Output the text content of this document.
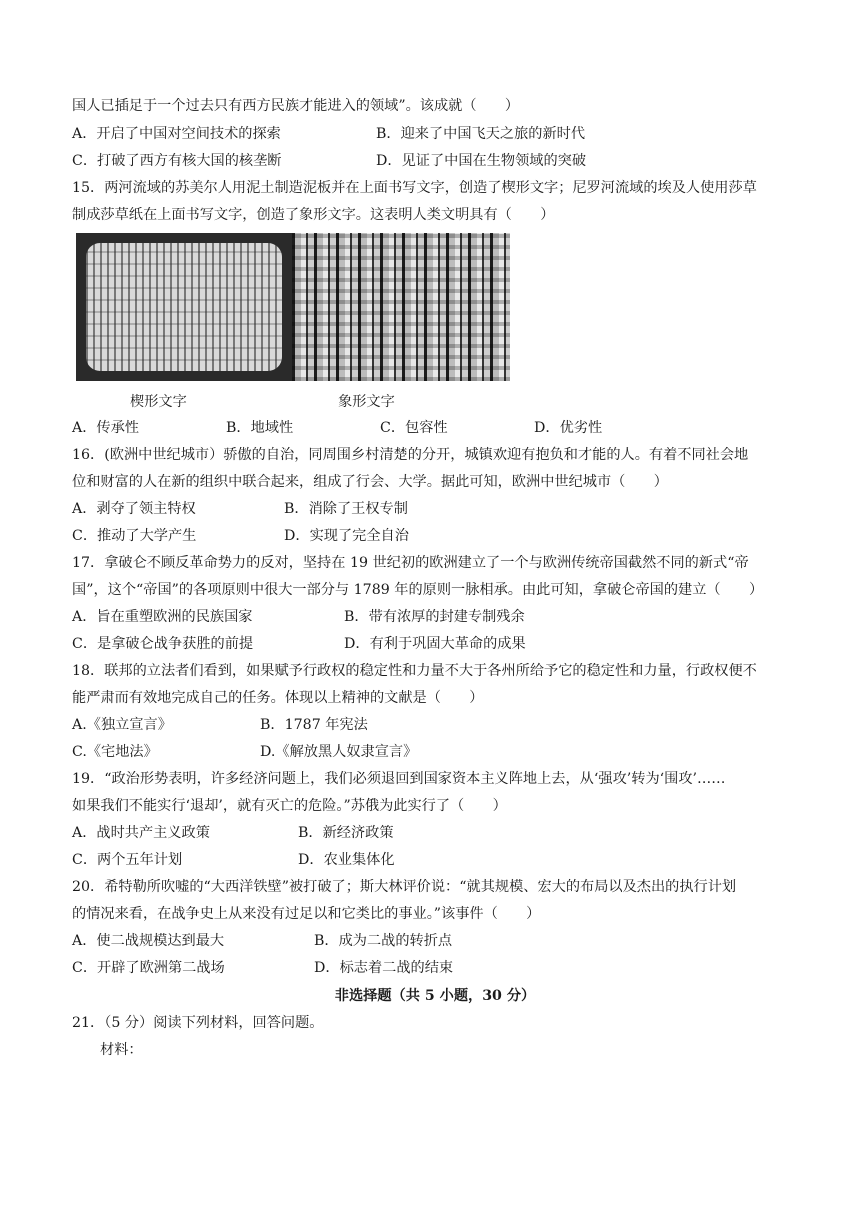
国人已插足于一个过去只有西方民族才能进入的领域”。该成就（　　）
A．开启了中国对空间技术的探索	B．迎来了中国飞天之旅的新时代
C．打破了西方有核大国的核垄断	D．见证了中国在生物领域的突破
15．两河流域的苏美尔人用泥土制造泥板并在上面书写文字，创造了楔形文字；尼罗河流域的埃及人使用莎草
制成莎草纸在上面书写文字，创造了象形文字。这表明人类文明具有（　　）
楔形文字	象形文字
A．传承性	B．地域性	C．包容性	D．优劣性
16．(欧洲中世纪城市）骄傲的自治，同周围乡村清楚的分开，城镇欢迎有抱负和才能的人。有着不同社会地
位和财富的人在新的组织中联合起来，组成了行会、大学。据此可知，欧洲中世纪城市（　　）
A．剥夺了领主特权	B．消除了王权专制
C．推动了大学产生	D．实现了完全自治
17．拿破仑不顾反革命势力的反对，坚持在 19 世纪初的欧洲建立了一个与欧洲传统帝国截然不同的新式“帝
国”，这个“帝国”的各项原则中很大一部分与 1789 年的原则一脉相承。由此可知，拿破仑帝国的建立（　　）
A．旨在重塑欧洲的民族国家	B．带有浓厚的封建专制残余
C．是拿破仑战争获胜的前提	D．有利于巩固大革命的成果
18．联邦的立法者们看到，如果赋予行政权的稳定性和力量不大于各州所给予它的稳定性和力量，行政权便不
能严肃而有效地完成自己的任务。体现以上精神的文献是（　　）
A.《独立宣言》	B．1787 年宪法
C.《宅地法》	D.《解放黑人奴隶宣言》
19．“政治形势表明，许多经济问题上，我们必须退回到国家资本主义阵地上去，从‘强攻’转为‘围攻’……
如果我们不能实行‘退却’，就有灭亡的危险。”苏俄为此实行了（　　）
A．战时共产主义政策	B．新经济政策
C．两个五年计划	D．农业集体化
20．希特勒所吹嘘的“大西洋铁壁”被打破了；斯大林评价说：“就其规模、宏大的布局以及杰出的执行计划
的情况来看，在战争史上从来没有过足以和它类比的事业。”该事件（　　）
A．使二战规模达到最大	B．成为二战的转折点
C．开辟了欧洲第二战场	D．标志着二战的结束
非选择题（共 5 小题，30 分）
21．（5 分）阅读下列材料，回答问题。
材料：
